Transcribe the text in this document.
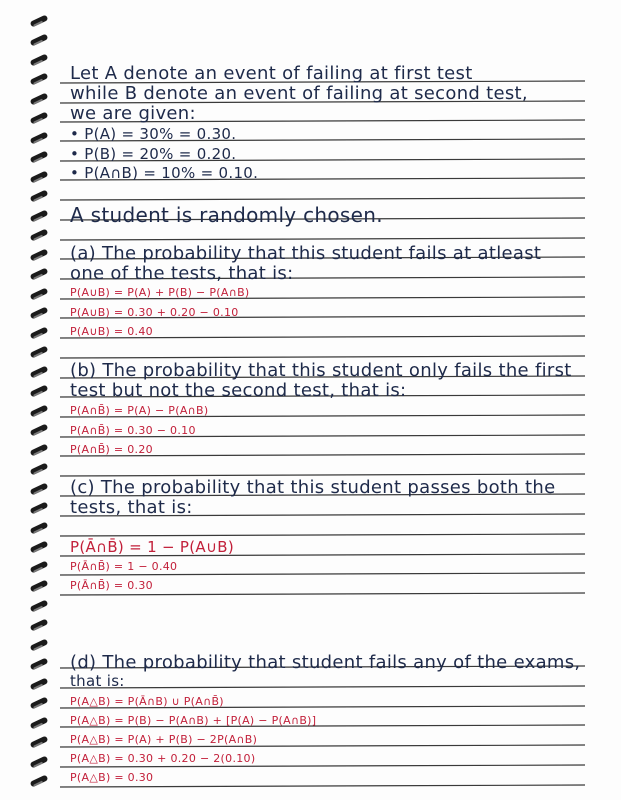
Let A denote an event of failing at first test
while B denote an event of failing at second test,
we are given:
• P(A) = 30% = 0.30.
• P(B) = 20% = 0.20.
• P(A∩B) = 10% = 0.10.
A student is randomly chosen.
(a) The probability that this student fails at atleast
one of the tests, that is:
P(A∪B) = P(A) + P(B) − P(A∩B)
P(A∪B) = 0.30 + 0.20 − 0.10
P(A∪B) = 0.40
(b) The probability that this student only fails the first
test but not the second test, that is:
P(A∩B̄) = P(A) − P(A∩B)
P(A∩B̄) = 0.30 − 0.10
P(A∩B̄) = 0.20
(c) The probability that this student passes both the
tests, that is:
P(Ā∩B̄) = 1 − P(A∪B)
P(Ā∩B̄) = 1 − 0.40
P(Ā∩B̄) = 0.30
(d) The probability that student fails any of the exams,
that is:
P(A△B) = P(Ā∩B) ∪ P(A∩B̄)
P(A△B) = P(B) − P(A∩B) + [P(A) − P(A∩B)]
P(A△B) = P(A) + P(B) − 2P(A∩B)
P(A△B) = 0.30 + 0.20 − 2(0.10)
P(A△B) = 0.30
